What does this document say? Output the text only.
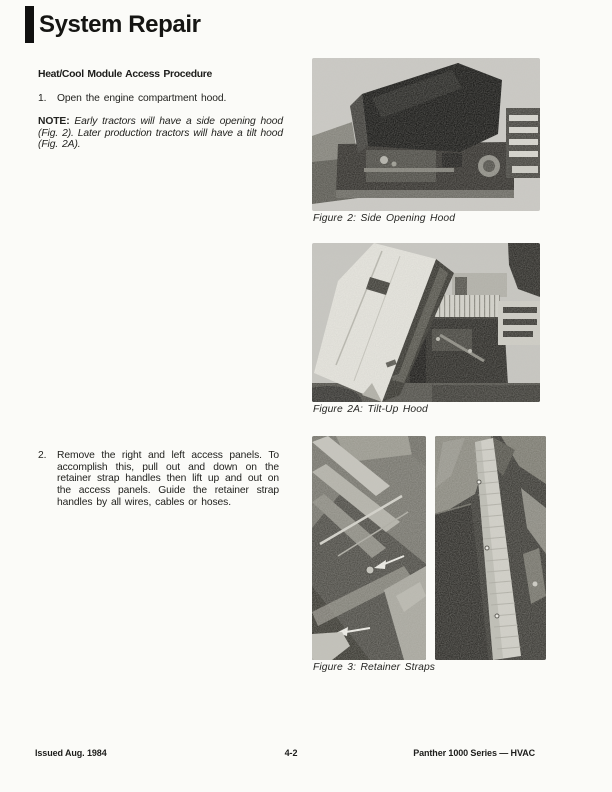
System Repair
Heat/Cool Module Access Procedure
1.	Open the engine compartment hood.
NOTE: Early tractors will have a side opening hood (Fig. 2). Later production tractors will have a tilt hood (Fig. 2A).
2.	Remove the right and left access panels. To accomplish this, pull out and down on the retainer strap handles then lift up and out on the access panels. Guide the retainer strap handles by all wires, cables or hoses.
Figure 2: Side Opening Hood
Figure 2A: Tilt-Up Hood
Figure 3: Retainer Straps
Issued Aug. 1984	4-2	Panther 1000 Series — HVAC
